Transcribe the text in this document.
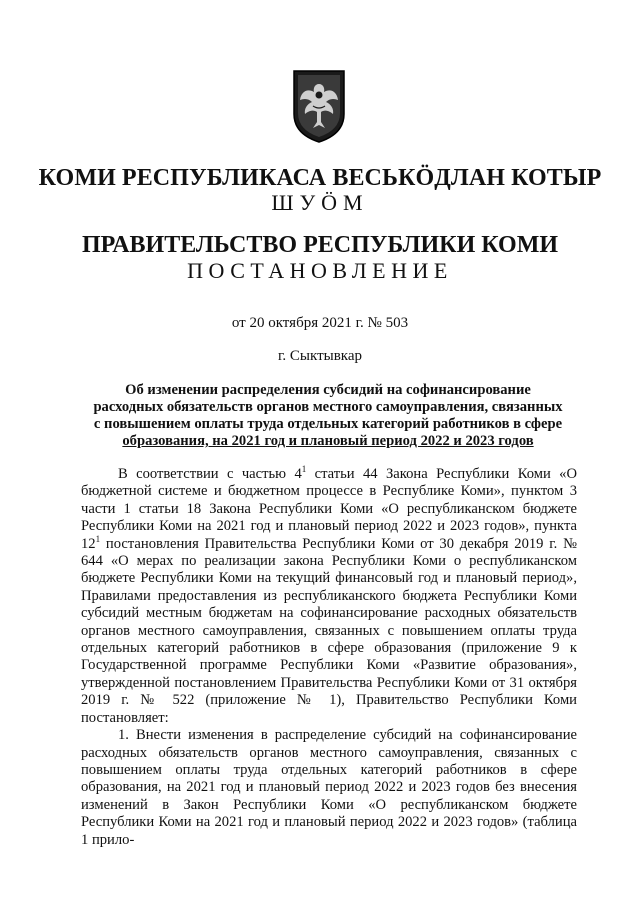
КОМИ РЕСПУБЛИКАСА ВЕСЬКӦДЛАН КОТЫР
ШУӦМ
ПРАВИТЕЛЬСТВО РЕСПУБЛИКИ КОМИ
ПОСТАНОВЛЕНИЕ
от 20 октября 2021 г. № 503
г. Сыктывкар
Об изменении распределения субсидий на софинансирование
расходных обязательств органов местного самоуправления, связанных
с повышением оплаты труда отдельных категорий работников в сфере
образования, на 2021 год и плановый период 2022 и 2023 годов

В соответствии с частью $4^1$ статьи 44 Закона Республики Коми «О бюджетной системе и бюджетном процессе в Республике Коми», пунктом 3 части 1 статьи 18 Закона Республики Коми «О республиканском бюджете Республики Коми на 2021 год и плановый период 2022 и 2023 годов», пункта $12^1$ постановления Правительства Республики Коми от 30 декабря 2019 г. № 644 «О мерах по реализации закона Республики Коми о республиканском бюджете Республики Коми на текущий финансовый год и плановый период», Правилами предоставления из республиканского бюджета Республики Коми субсидий местным бюджетам на софинансирование расходных обязательств органов местного самоуправления, связанных с повышением оплаты труда отдельных категорий работников в сфере образования (приложение 9 к Государственной программе Республики Коми «Развитие образования», утвержденной постановлением Правительства Республики Коми от 31 октября 2019 г. № 522 (приложение № 1), Правительство Республики Коми постановляет:

1. Внести изменения в распределение субсидий на софинансирование расходных обязательств органов местного самоуправления, связанных с повышением оплаты труда отдельных категорий работников в сфере образования, на 2021 год и плановый период 2022 и 2023 годов без внесения изменений в Закон Республики Коми «О республиканском бюджете Республики Коми на 2021 год и плановый период 2022 и 2023 годов» (таблица 1 прило-
